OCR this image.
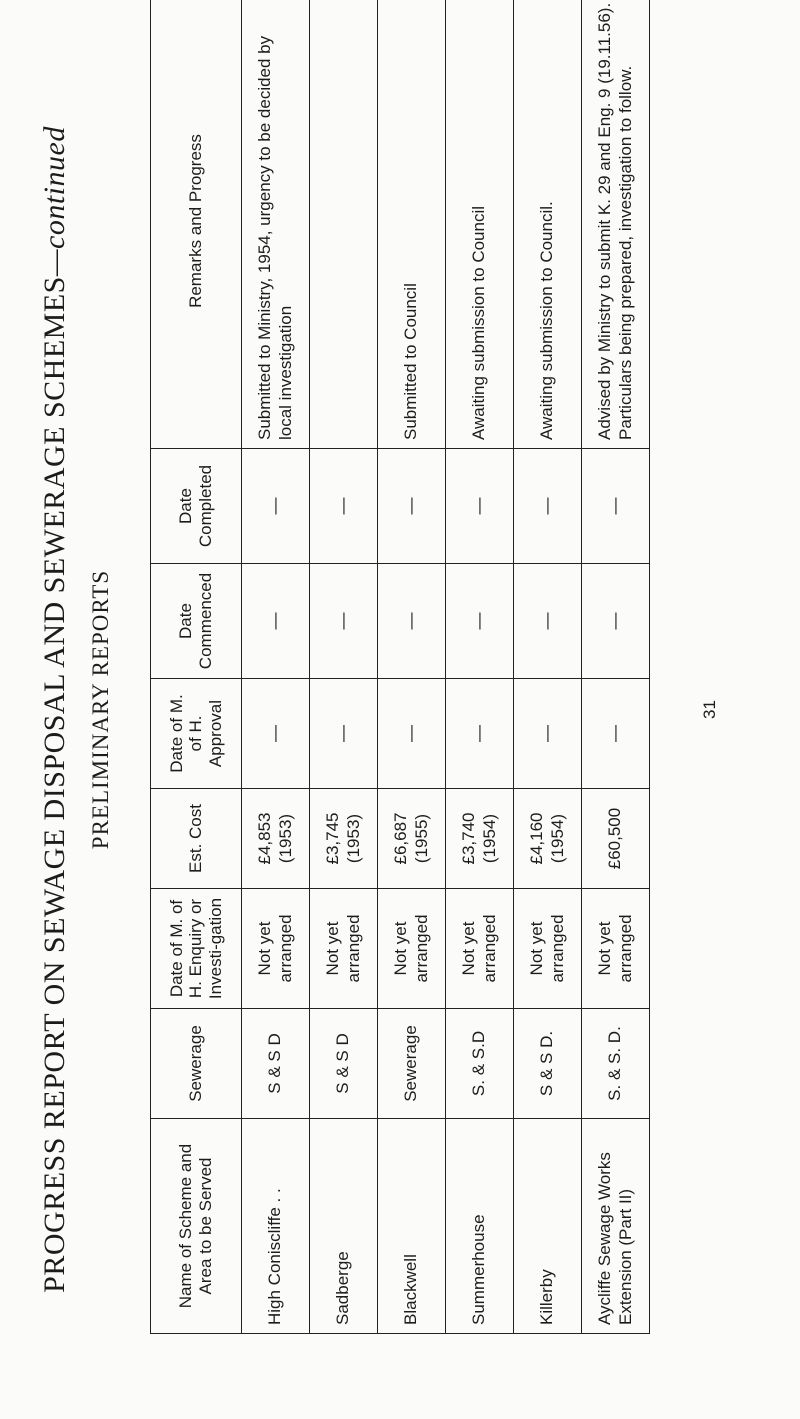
PROGRESS REPORT ON SEWAGE DISPOSAL AND SEWERAGE SCHEMES—continued
PRELIMINARY REPORTS
Name of Scheme and Area to be Served	Sewerage	Date of M. of H. Enquiry or Investi-gation	Est. Cost	Date of M. of H. Approval	Date Commenced	Date Completed	Remarks and Progress
High Coniscliffe . .	S & S D	Not yet arranged	£4,853 (1953)	—	—	—	Submitted to Ministry, 1954, urgency to be decided by local investigation
Sadberge	S & S D	Not yet arranged	£3,745 (1953)	—	—	—	
Blackwell	Sewerage	Not yet arranged	£6,687 (1955)	—	—	—	Submitted to Council
Summerhouse	S. & S.D	Not yet arranged	£3,740 (1954)	—	—	—	Awaiting submission to Council
Killerby	S & S D.	Not yet arranged	£4,160 (1954)	—	—	—	Awaiting submission to Council.
Aycliffe Sewage Works Extension (Part II)	S. & S. D.	Not yet arranged	£60,500	—	—	—	Advised by Ministry to submit K. 29 and Eng. 9 (19.11.56). Particulars being prepared, investigation to follow.
31
